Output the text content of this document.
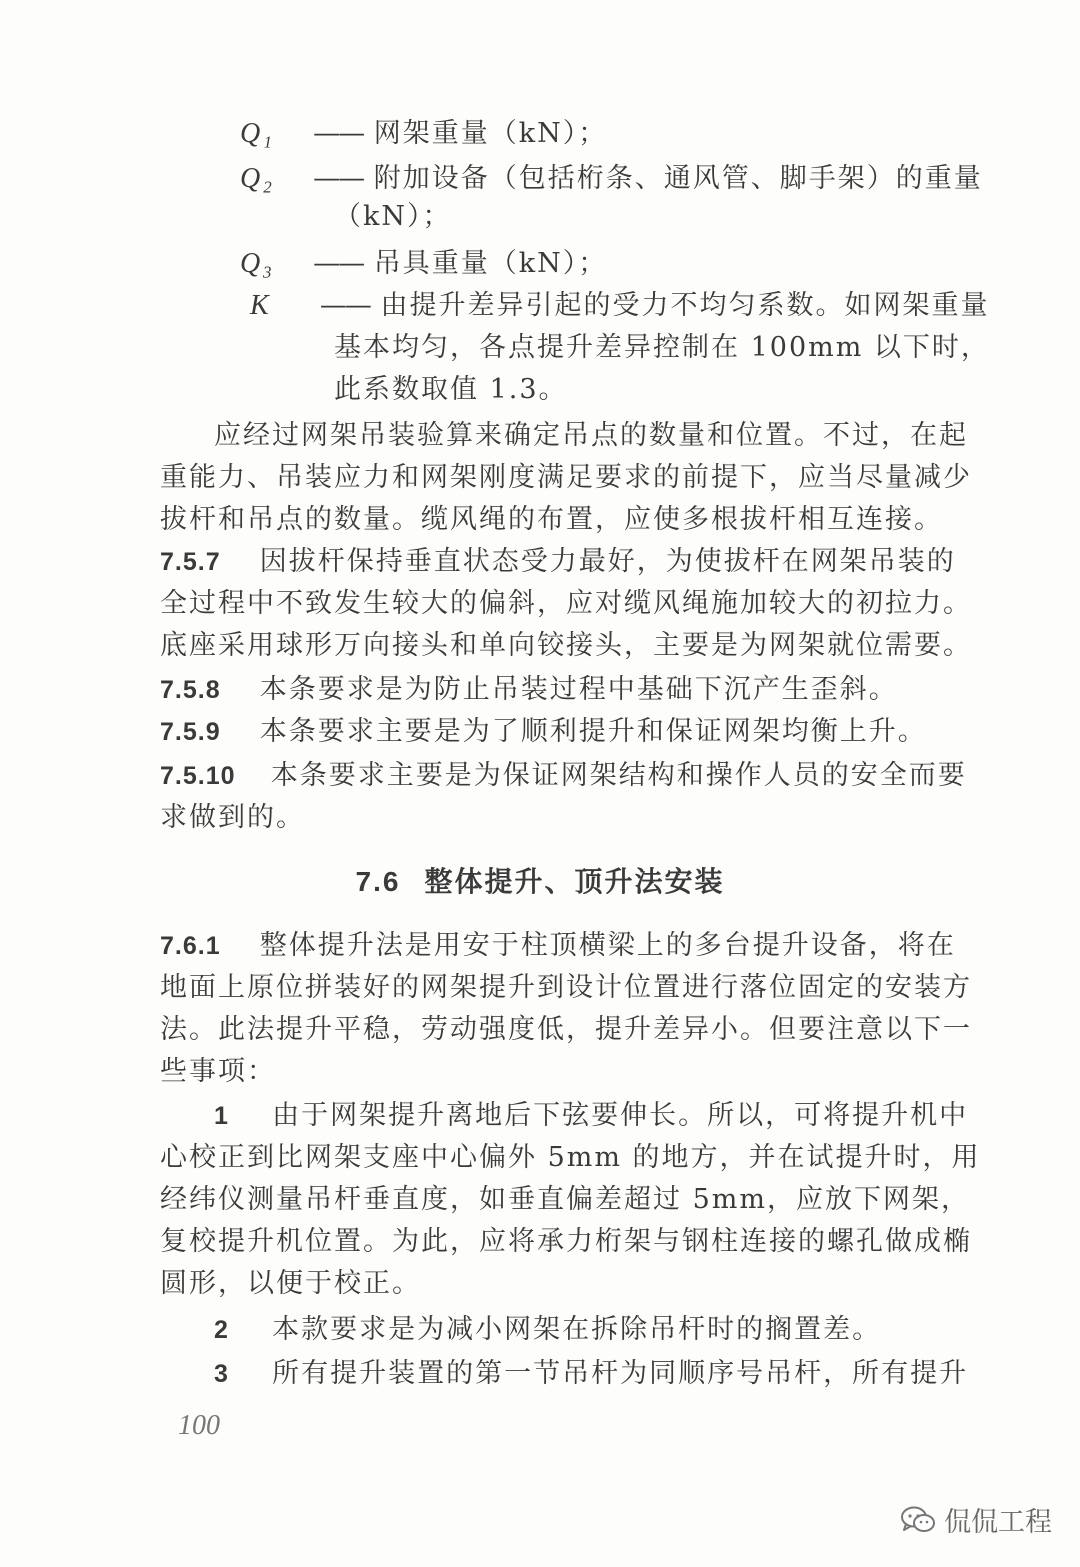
Q₁ —— 网架重量（kN）；
Q₂ —— 附加设备（包括桁条、通风管、脚手架）的重量
（kN）；
Q₃ —— 吊具重量（kN）；
K —— 由提升差异引起的受力不均匀系数。如网架重量
基本均匀，各点提升差异控制在 100mm 以下时，
此系数取值 1.3。
应经过网架吊装验算来确定吊点的数量和位置。不过，在起
重能力、吊装应力和网架刚度满足要求的前提下，应当尽量减少
拔杆和吊点的数量。缆风绳的布置，应使多根拔杆相互连接。
7.5.7 因拔杆保持垂直状态受力最好，为使拔杆在网架吊装的
全过程中不致发生较大的偏斜，应对缆风绳施加较大的初拉力。
底座采用球形万向接头和单向铰接头，主要是为网架就位需要。
7.5.8 本条要求是为防止吊装过程中基础下沉产生歪斜。
7.5.9 本条要求主要是为了顺利提升和保证网架均衡上升。
7.5.10 本条要求主要是为保证网架结构和操作人员的安全而要
求做到的。
7.6 整体提升、顶升法安装
7.6.1 整体提升法是用安于柱顶横梁上的多台提升设备，将在
地面上原位拼装好的网架提升到设计位置进行落位固定的安装方
法。此法提升平稳，劳动强度低，提升差异小。但要注意以下一
些事项：
1 由于网架提升离地后下弦要伸长。所以，可将提升机中
心校正到比网架支座中心偏外 5mm 的地方，并在试提升时，用
经纬仪测量吊杆垂直度，如垂直偏差超过 5mm，应放下网架，
复校提升机位置。为此，应将承力桁架与钢柱连接的螺孔做成椭
圆形，以便于校正。
2 本款要求是为减小网架在拆除吊杆时的搁置差。
3 所有提升装置的第一节吊杆为同顺序号吊杆，所有提升
100
侃侃工程
